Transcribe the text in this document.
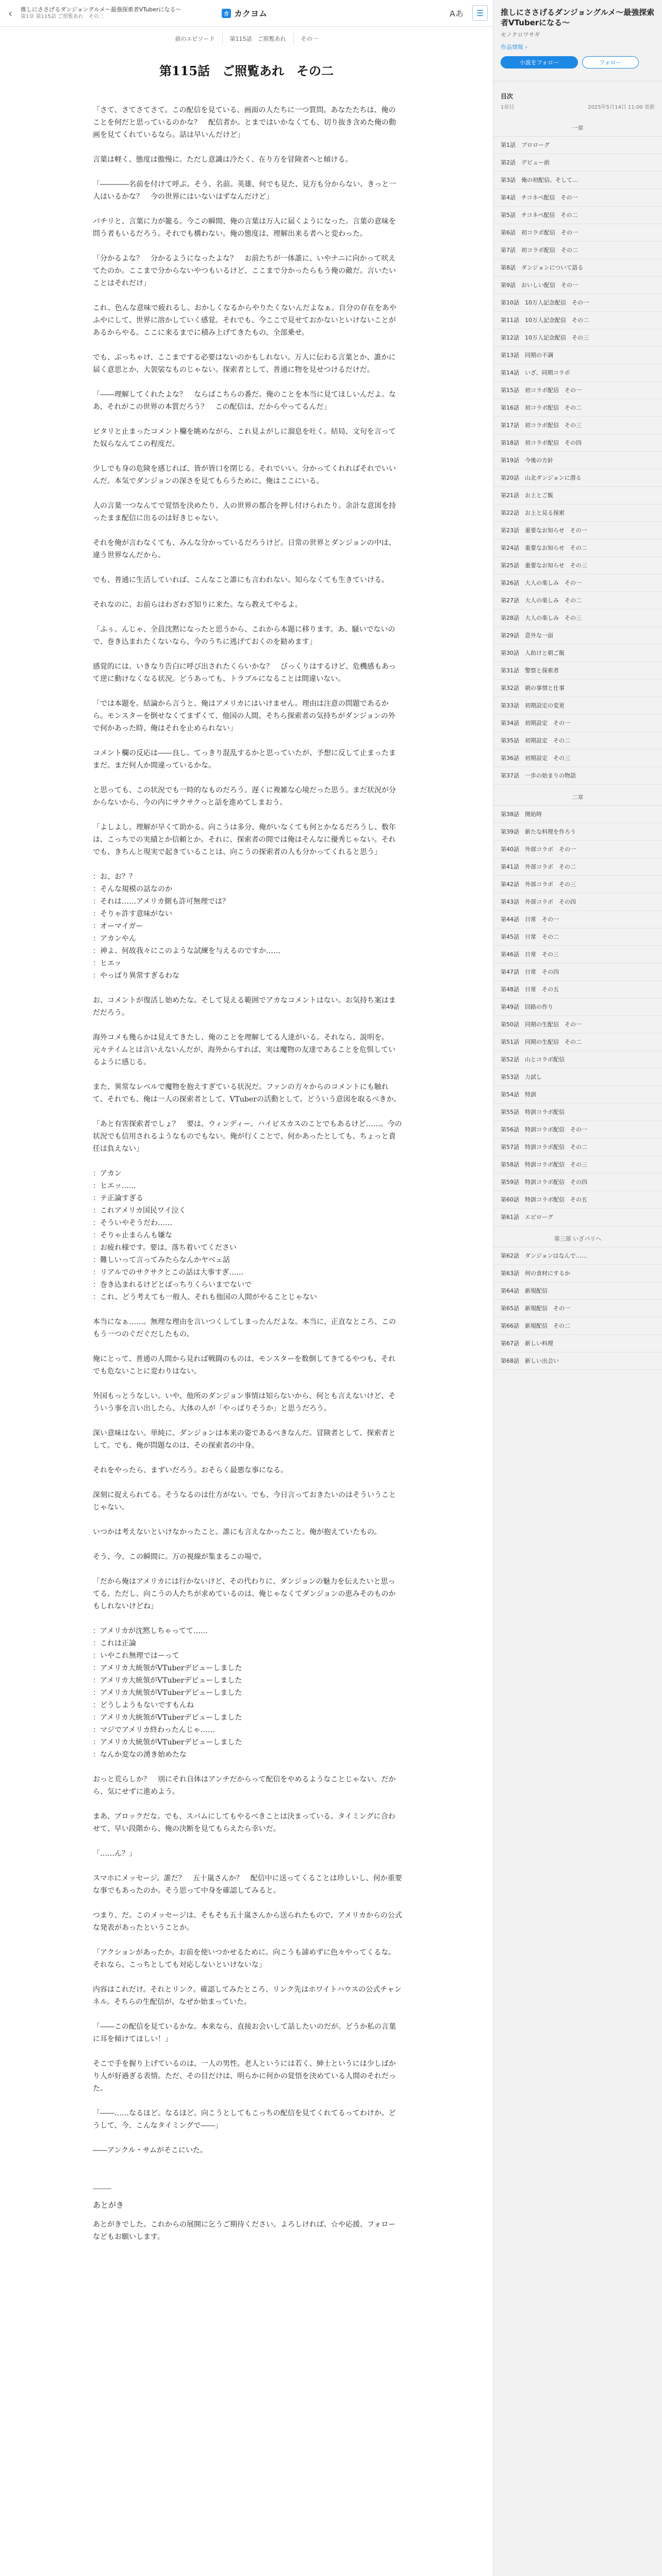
‹ 推しにささげるダンジョングルメ〜最強探索者VTuberになる〜
第1章 第115話 ご照覧あれ　その二
カ カクヨム	Aあ ☰
前のエピソード	第115話　ご照覧あれ	その一
第115話　ご照覧あれ　その二

「さて、さてさてさて。この配信を見ている、画面の人たちに一つ質問。あなたたちは、俺のことを何だと思っているのかな？　配信者か。とまではいかなくても、切り抜き含めた俺の動画を見てくれているなら。話は早いんだけど」

言葉は軽く、態度は傲慢に。ただし意識は冷たく、在り方を冒険者へと傾ける。

「――――名前を付けて呼ぶ。そう、名前。英雄、何でも見た、見方も分からない、きっと一人はいるかな？　今の世界にはいないはずなんだけど」

パチリと、言葉に力が籠る。今この瞬間、俺の言葉は万人に届くようになった。言葉の意味を問う者もいるだろう。それでも構わない。俺の態度は、理解出来る者へと変わった。

「分かるよな？　分かるようになったよな？　お前たちが一体誰に、いやナニに向かって吠えてたのか。ここまで分からないやつもいるけど、ここまで分かったらもう俺の敵だ。言いたいことはそれだけ」

これ、色んな意味で疲れるし、おかしくなるからやりたくないんだよなぁ。自分の存在をあやふやにして、世界に溶かしていく感覚。それでも、今ここで見せておかないといけないことがあるからやる。ここに来るまでに積み上げてきたもの、全部乗せ。

でも、ぶっちゃけ、ここまでする必要はないのかもしれない。万人に伝わる言葉とか、誰かに届く意思とか、大袈裟なものじゃない。探索者として、普通に物を見せつけるだけだ。

「――理解してくれたよな？　ならばこちらの番だ。俺のことを本当に見てほしいんだよ。なあ、それがこの世界の本質だろう？　この配信は、だからやってるんだ」

ビタリと止まったコメント欄を眺めながら、これ見よがしに溜息を吐く。結局、文句を言ってた奴らなんてこの程度だ。

少しでも身の危険を感じれば、皆が皆口を閉じる。それでいい。分かってくれればそれでいいんだ。本気でダンジョンの深さを見てもらうために、俺はここにいる。

人の言葉一つなんてで覚悟を決めたり、人の世界の都合を押し付けられたり。余計な意図を持ったまま配信に出るのは好きじゃない。

それを俺が言わなくても、みんな分かっているだろうけど。日常の世界とダンジョンの中は、違う世界なんだから。

でも、普通に生活していれば、こんなこと誰にも言われない。知らなくても生きていける。

それなのに、お前らはわざわざ知りに来た。なら教えてやるよ。

「ふぅ。んじゃ、全員沈黙になったと思うから、これから本題に移ります。あ、騒いでないので、巻き込まれたくないなら、今のうちに逃げておくのを勧めます」

感覚的には、いきなり告白に呼び出されたくらいかな？　びっくりはするけど、危機感もあって逆に動けなくなる状況。どうあっても、トラブルになることは間違いない。

「では本題を。結論から言うと、俺はアメリカにはいけません。理由は注意の問題であるから。モンスターを倒せなくてまずくて、他国の人間、そちら探索者の気持ちがダンジョンの外で何かあった時、俺はそれを止められない」

コメント欄の反応は――良し。てっきり混乱するかと思っていたが、予想に反して止まったままだ。まだ何人か間違っているかな。

と思っても、この状況でも一時的なものだろう。遅くに複雑な心境だった思う。まだ状況が分からないから、今の内にサクサクっと話を進めてしまおう。

「よしよし、理解が早くて助かる。向こうは多分、俺がいなくても何とかなるだろうし、数年は、こっちでの実績とか信頼とか。それに、探索者の間では俺はそんなに優秀じゃない。それでも、きちんと現実で起きていることは、向こうの探索者の人も分かってくれると思う」

：お、お？？
：そんな規模の話なのか
：それは……アメリカ側も許可無理では？
：そりゃ許す意味がない
：オーマイガー
：アカンやん
：神よ、何故我々にこのような試練を与えるのですか……
：ヒエッ
：やっぱり異常すぎるわな

お、コメントが復活し始めたな。そして見える範囲でアカなコメントはない。お気持ち案はまだだろう。

海外コメも幾らかは見えてきたし、俺のことを理解してる人達がいる。それなら、説明を。元々テイムとは言いえないんだが、海外からすれば、実は魔物の友達であることを危惧しているように感じる。

また、異常なレベルで魔物を抱えすぎている状況だ。ファンの方々からのコメントにも触れて、それでも、俺は一人の探索者として、VTuberの活動として。どういう意図を取るべきか。

「あと有害探索者でしょ？　要は、ウィンディー、ハイビスカスのことでもあるけど……。今の状況でも信用されるようなものでもない。俺が行くことで、何かあったとしても、ちょっと責任は負えない」

：アカン
：ヒエッ……
：テ正論すぎる
：これアメリカ国民ワイ泣く
：そういやそうだわ……
：そりゃ止まらんも嫌な
：お疲れ様です。要は、落ち着いてください
：難しいって言ってみたらなんかヤベェ話
：リアルでのサクサクとこの話は大事すぎ……
：巻き込まれるけどとばっちりくらいまでないで
：これ、どう考えても一般人、それも他国の人間がやることじゃない

本当になぁ……。無理な理由を言いつくしてしまったんだよな。本当に、正直なところ、このもう一つのぐだぐだしたもの。

俺にとって、普通の人間から見れば戦闘のものは、モンスターを数倒してきてるやつも、それでも危ないことに変わりはない。

外国もっとうなしい。いや、他所のダンジョン事情は知らないから、何とも言えないけど、そういう事を言い出したら、大体の人が「やっぱりそうか」と思うだろう。

深い意味はない。単純に、ダンジョンは本来の姿であるべきなんだ。冒険者として、探索者として。でも、俺が問題なのは、その探索者の中身。

それをやったら、まずいだろう。おそらく最悪な事になる。

深刻に捉えられてる。そうなるのは仕方がない。でも、今日言っておきたいのはそういうことじゃない。

いつかは考えないといけなかったこと。誰にも言えなかったこと。俺が抱えていたもの。

そう、今、この瞬間に。万の視線が集まるこの場で。

「だから俺はアメリカには行かないけど、その代わりに、ダンジョンの魅力を伝えたいと思ってる。ただし、向こうの人たちが求めているのは、俺じゃなくてダンジョンの恵みそのものかもしれないけどね」

：アメリカが沈黙しちゃってて……
：これは正論
：いやこれ無理ではーって
：アメリカ大統領がVTuberデビューしました
：アメリカ大統領がVTuberデビューしました
：アメリカ大統領がVTuberデビューしました
：どうしようもないですもんね
：アメリカ大統領がVTuberデビューしました
：マジでアメリカ終わったんじゃ……
：アメリカ大統領がVTuberデビューしました
：なんか変なの湧き始めたな

おっと荒らしか？　別にそれ自体はアンチだからって配信をやめるようなことじゃない。だから、気にせずに進めよう。

まあ、ブロックだな。でも、スパムにしてもやるべきことは決まっている。タイミングに合わせて、早い段階から、俺の決断を見てもらえたら幸いだ。

「……ん？」

スマホにメッセージ。誰だ？　五十嵐さんか？　配信中に送ってくることは珍しいし、何か重要な事でもあったのか。そう思って中身を確認してみると。

つまり、だ。このメッセージは、そもそも五十嵐さんから送られたもので、アメリカからの公式な発表があったということか。

「アクションがあったか。お前を使いつかせるために。向こうも諦めずに色々やってくるな。それなら、こっちとしても対応しないといけないな」

内容はこれだけ。それとリンク。確認してみたところ、リンク先はホワイトハウスの公式チャンネル。そちらの生配信が、なぜか始まっていた。

「――この配信を見ているかな。本来なら、直接お会いして話したいのだが。どうか私の言葉に耳を傾けてほしい！」

そこで手を握り上げているのは、一人の男性。老人というには若く、紳士というには少しばかり人が好過ぎる表情。ただ、その目だけは、明らかに何かの覚悟を決めている人間のそれだった。

「――……なるほど。なるほど。向こうとしてもこっちの配信を見てくれてるってわけか。どうして、今、こんなタイミングで――」

――アンクル・サムがそこにいた。

―――
あとがき
あとがきでした。これからの展開に乞うご期待ください。よろしければ、☆や応援、フォローなどもお願いします。
推しにささげるダンジョングルメ〜最強探索者VTuberになる〜
モノクロワサギ
作品情報 ›
小説をフォロー	フォロー
目次
1章目	2025年5月14日 11:00 更新
一章
第1話　プロローグ
第2話　デビュー前
第3話　俺の初配信。そして…
第4話　チコネペ配信　その一
第5話　チコネペ配信　その二
第6話　初コラボ配信　その一
第7話　初コラボ配信　その二
第8話　ダンジョンについて語る
第9話　おいしい配信　その一
第10話　10万人記念配信　その一
第11話　10万人記念配信　その二
第12話　10万人記念配信　その三
第13話　同期の不調
第14話　いざ、同期コラボ
第15話　初コラボ配信　その一
第16話　初コラボ配信　その二
第17話　初コラボ配信　その三
第18話　初コラボ配信　その四
第19話　今後の方針
第20話　山北ダンジョンに潜る
第21話　お上とご飯
第22話　お上と見る探索
第23話　重要なお知らせ　その一
第24話　重要なお知らせ　その二
第25話　重要なお知らせ　その三
第26話　大人の楽しみ　その一
第27話　大人の楽しみ　その二
第28話　大人の楽しみ　その三
第29話　意外な一面
第30話　人助けと朝ご飯
第31話　警察と探索者
第32話　朝の事情と仕事
第33話　初期設定の変更
第34話　初期設定　その一
第35話　初期設定　その二
第36話　初期設定　その三
第37話　一歩の始まりの物語
二章
第38話　開始時
第39話　新たな料理を作ろう
第40話　外部コラボ　その一
第41話　外部コラボ　その二
第42話　外部コラボ　その三
第43話　外部コラボ　その四
第44話　日常　その一
第45話　日常　その二
第46話　日常　その三
第47話　日常　その四
第48話　日常　その五
第49話　回路の作り
第50話　同期の生配信　その一
第51話　同期の生配信　その二
第52話　山とコラボ配信
第53話　力試し
第54話　特訓
第55話　特訓コラボ配信
第56話　特訓コラボ配信　その一
第57話　特訓コラボ配信　その二
第58話　特訓コラボ配信　その三
第59話　特訓コラボ配信　その四
第60話　特訓コラボ配信　その五
第61話　エピローグ
第三部 いざパリへ
第62話　ダンジョンはなんで……
第63話　何の食材にするか
第64話　新規配信
第65話　新規配信　その一
第66話　新規配信　その二
第67話　新しい料理
第68話　新しい出会い
